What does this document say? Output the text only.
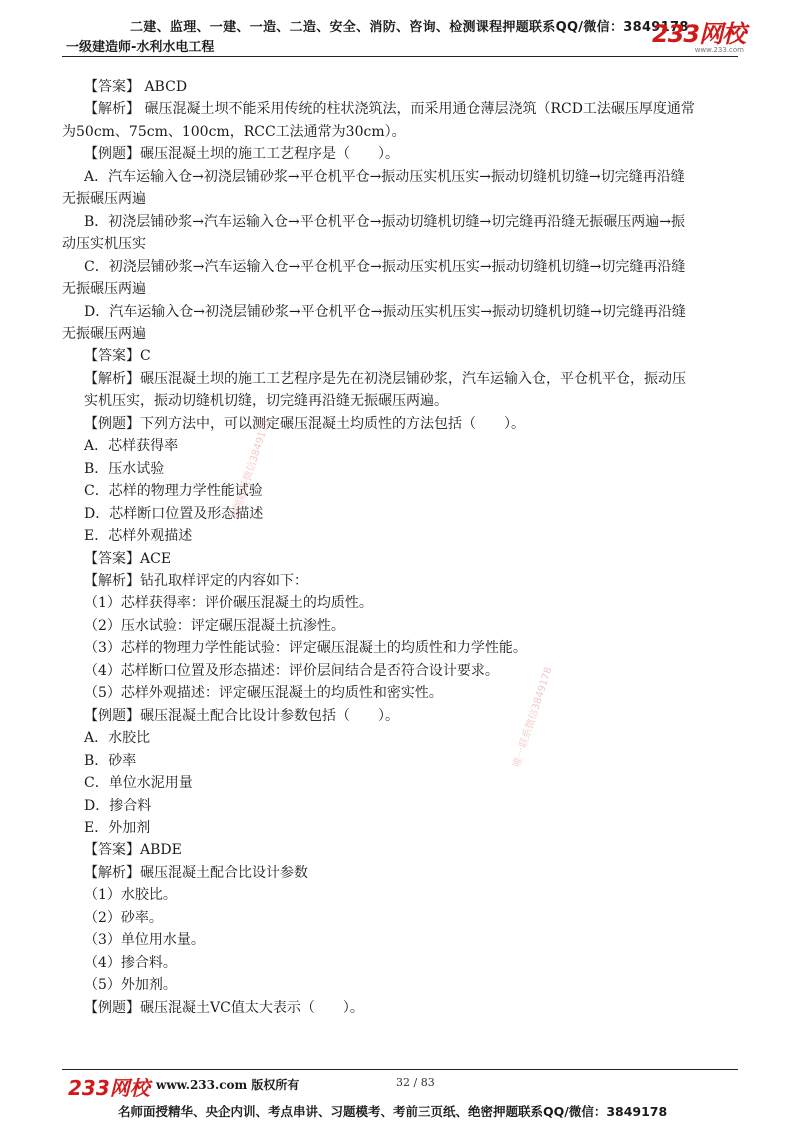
二建、监理、一建、一造、二造、安全、消防、咨询、检测课程押题联系QQ/微信：3849178
一级建造师-水利水电工程	233网校
www.233.com

【答案】 ABCD

【解析】 碾压混凝土坝不能采用传统的柱状浇筑法，而采用通仓薄层浇筑（RCD工法碾压厚度通常

为50cm、75cm、100cm，RCC工法通常为30cm）。

【例题】碾压混凝土坝的施工工艺程序是（　　）。

A．汽车运输入仓→初浇层铺砂浆→平仓机平仓→振动压实机压实→振动切缝机切缝→切完缝再沿缝

无振碾压两遍

B．初浇层铺砂浆→汽车运输入仓→平仓机平仓→振动切缝机切缝→切完缝再沿缝无振碾压两遍→振

动压实机压实

C．初浇层铺砂浆→汽车运输入仓→平仓机平仓→振动压实机压实→振动切缝机切缝→切完缝再沿缝

无振碾压两遍

D．汽车运输入仓→初浇层铺砂浆→平仓机平仓→振动压实机压实→振动切缝机切缝→切完缝再沿缝

无振碾压两遍

【答案】C

【解析】碾压混凝土坝的施工工艺程序是先在初浇层铺砂浆，汽车运输入仓，平仓机平仓，振动压

实机压实，振动切缝机切缝，切完缝再沿缝无振碾压两遍。

【例题】下列方法中，可以测定碾压混凝土均质性的方法包括（　　）。

A．芯样获得率

B．压水试验

C．芯样的物理力学性能试验

D．芯样断口位置及形态描述

E．芯样外观描述

【答案】ACE

【解析】钻孔取样评定的内容如下：

（1）芯样获得率：评价碾压混凝土的均质性。

（2）压水试验：评定碾压混凝土抗渗性。

（3）芯样的物理力学性能试验：评定碾压混凝土的均质性和力学性能。

（4）芯样断口位置及形态描述：评价层间结合是否符合设计要求。

（5）芯样外观描述：评定碾压混凝土的均质性和密实性。

【例题】碾压混凝土配合比设计参数包括（　　）。

A．水胶比

B．砂率

C．单位水泥用量

D．掺合料

E．外加剂

【答案】ABDE

【解析】碾压混凝土配合比设计参数

（1）水胶比。

（2）砂率。

（3）单位用水量。

（4）掺合料。

（5）外加剂。

【例题】碾压混凝土VC值太大表示（　　）。

押题联系微信3849178
唯一联系微信3849178
233网校 www.233.com 版权所有	32 / 83
名师面授精华、央企内训、考点串讲、习题模考、考前三页纸、绝密押题联系QQ/微信：3849178
